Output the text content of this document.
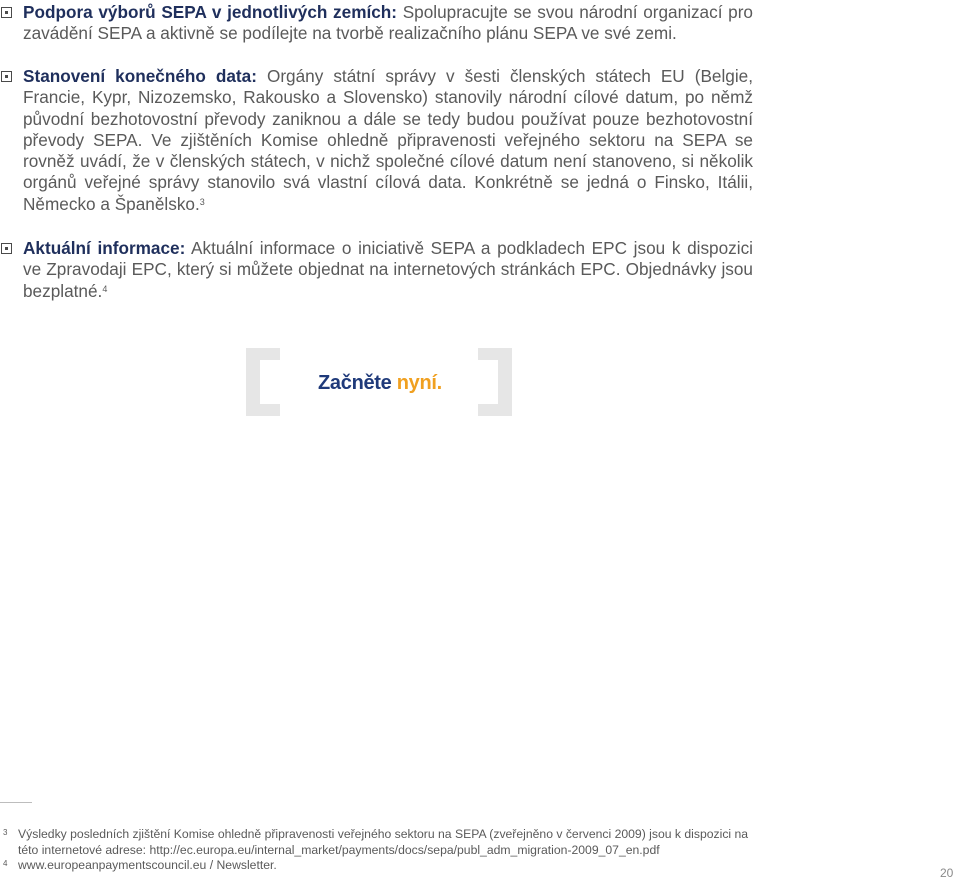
Podpora výborů SEPA v jednotlivých zemích: Spolupracujte se svou národní organizací pro zavádění SEPA a aktivně se podílejte na tvorbě realizačního plánu SEPA ve své zemi.

Stanovení konečného data: Orgány státní správy v šesti členských státech EU (Belgie, Francie, Kypr, Nizozemsko, Rakousko a Slovensko) stanovily národní cílové datum, po němž původní bezhotovostní převody zaniknou a dále se tedy budou používat pouze bezhotovostní převody SEPA. Ve zjištěních Komise ohledně připravenosti veřejného sektoru na SEPA se rovněž uvádí, že v členských státech, v nichž společné cílové datum není stanoveno, si několik orgánů veřejné správy stanovilo svá vlastní cílová data. Konkrétně se jedná o Finsko, Itálii, Německo a Španělsko.$^3$

Aktuální informace: Aktuální informace o iniciativě SEPA a podkladech EPC jsou k dispozici ve Zpravodaji EPC, který si můžete objednat na internetových stránkách EPC. Objednávky jsou bezplatné.$^4$

Začněte nyní.
3 Výsledky posledních zjištění Komise ohledně připravenosti veřejného sektoru na SEPA (zveřejněno v červenci 2009) jsou k dispozici na této internetové adrese: http://ec.europa.eu/internal_market/payments/docs/sepa/publ_adm_migration-2009_07_en.pdf
4 www.europeanpaymentscouncil.eu / Newsletter.
20
